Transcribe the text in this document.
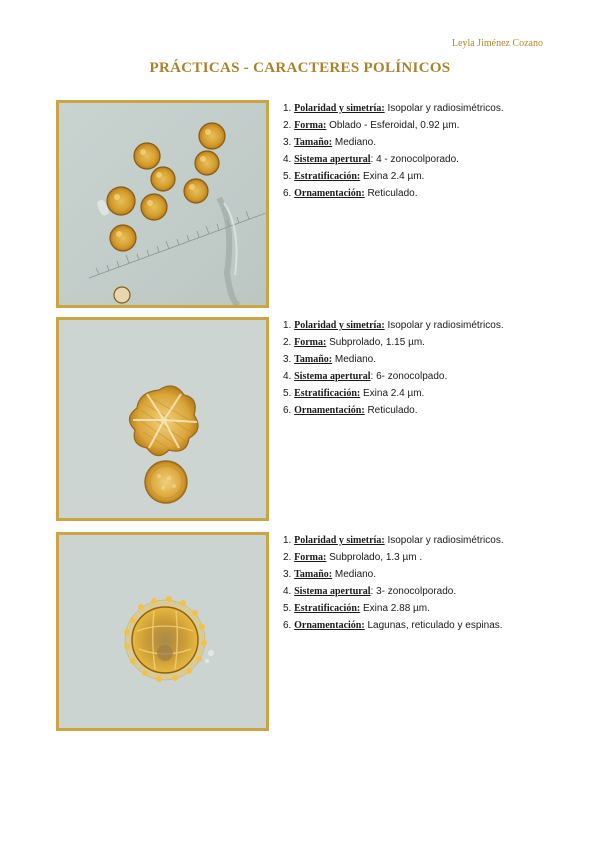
Leyla Jiménez Cozano
PRÁCTICAS - CARACTERES POLÍNICOS
1. Polaridad y simetría: Isopolar y radiosimétricos.
2. Forma: Oblado - Esferoidal, 0.92 µm.
3. Tamaño: Mediano.
4. Sistema apertural: 4 - zonocolporado.
5. Estratificación: Exina 2.4 µm.
6. Ornamentación: Reticulado.
1. Polaridad y simetría: Isopolar y radiosimétricos.
2. Forma: Subprolado, 1.15 µm.
3. Tamaño: Mediano.
4. Sistema apertural: 6- zonocolpado.
5. Estratificación: Exina 2.4 µm.
6. Ornamentación: Reticulado.
1. Polaridad y simetría: Isopolar y radiosimétricos.
2. Forma: Subprolado, 1.3 µm .
3. Tamaño: Mediano.
4. Sistema apertural: 3- zonocolporado.
5. Estratificación: Exina 2.88 µm.
6. Ornamentación: Lagunas, reticulado y espinas.
